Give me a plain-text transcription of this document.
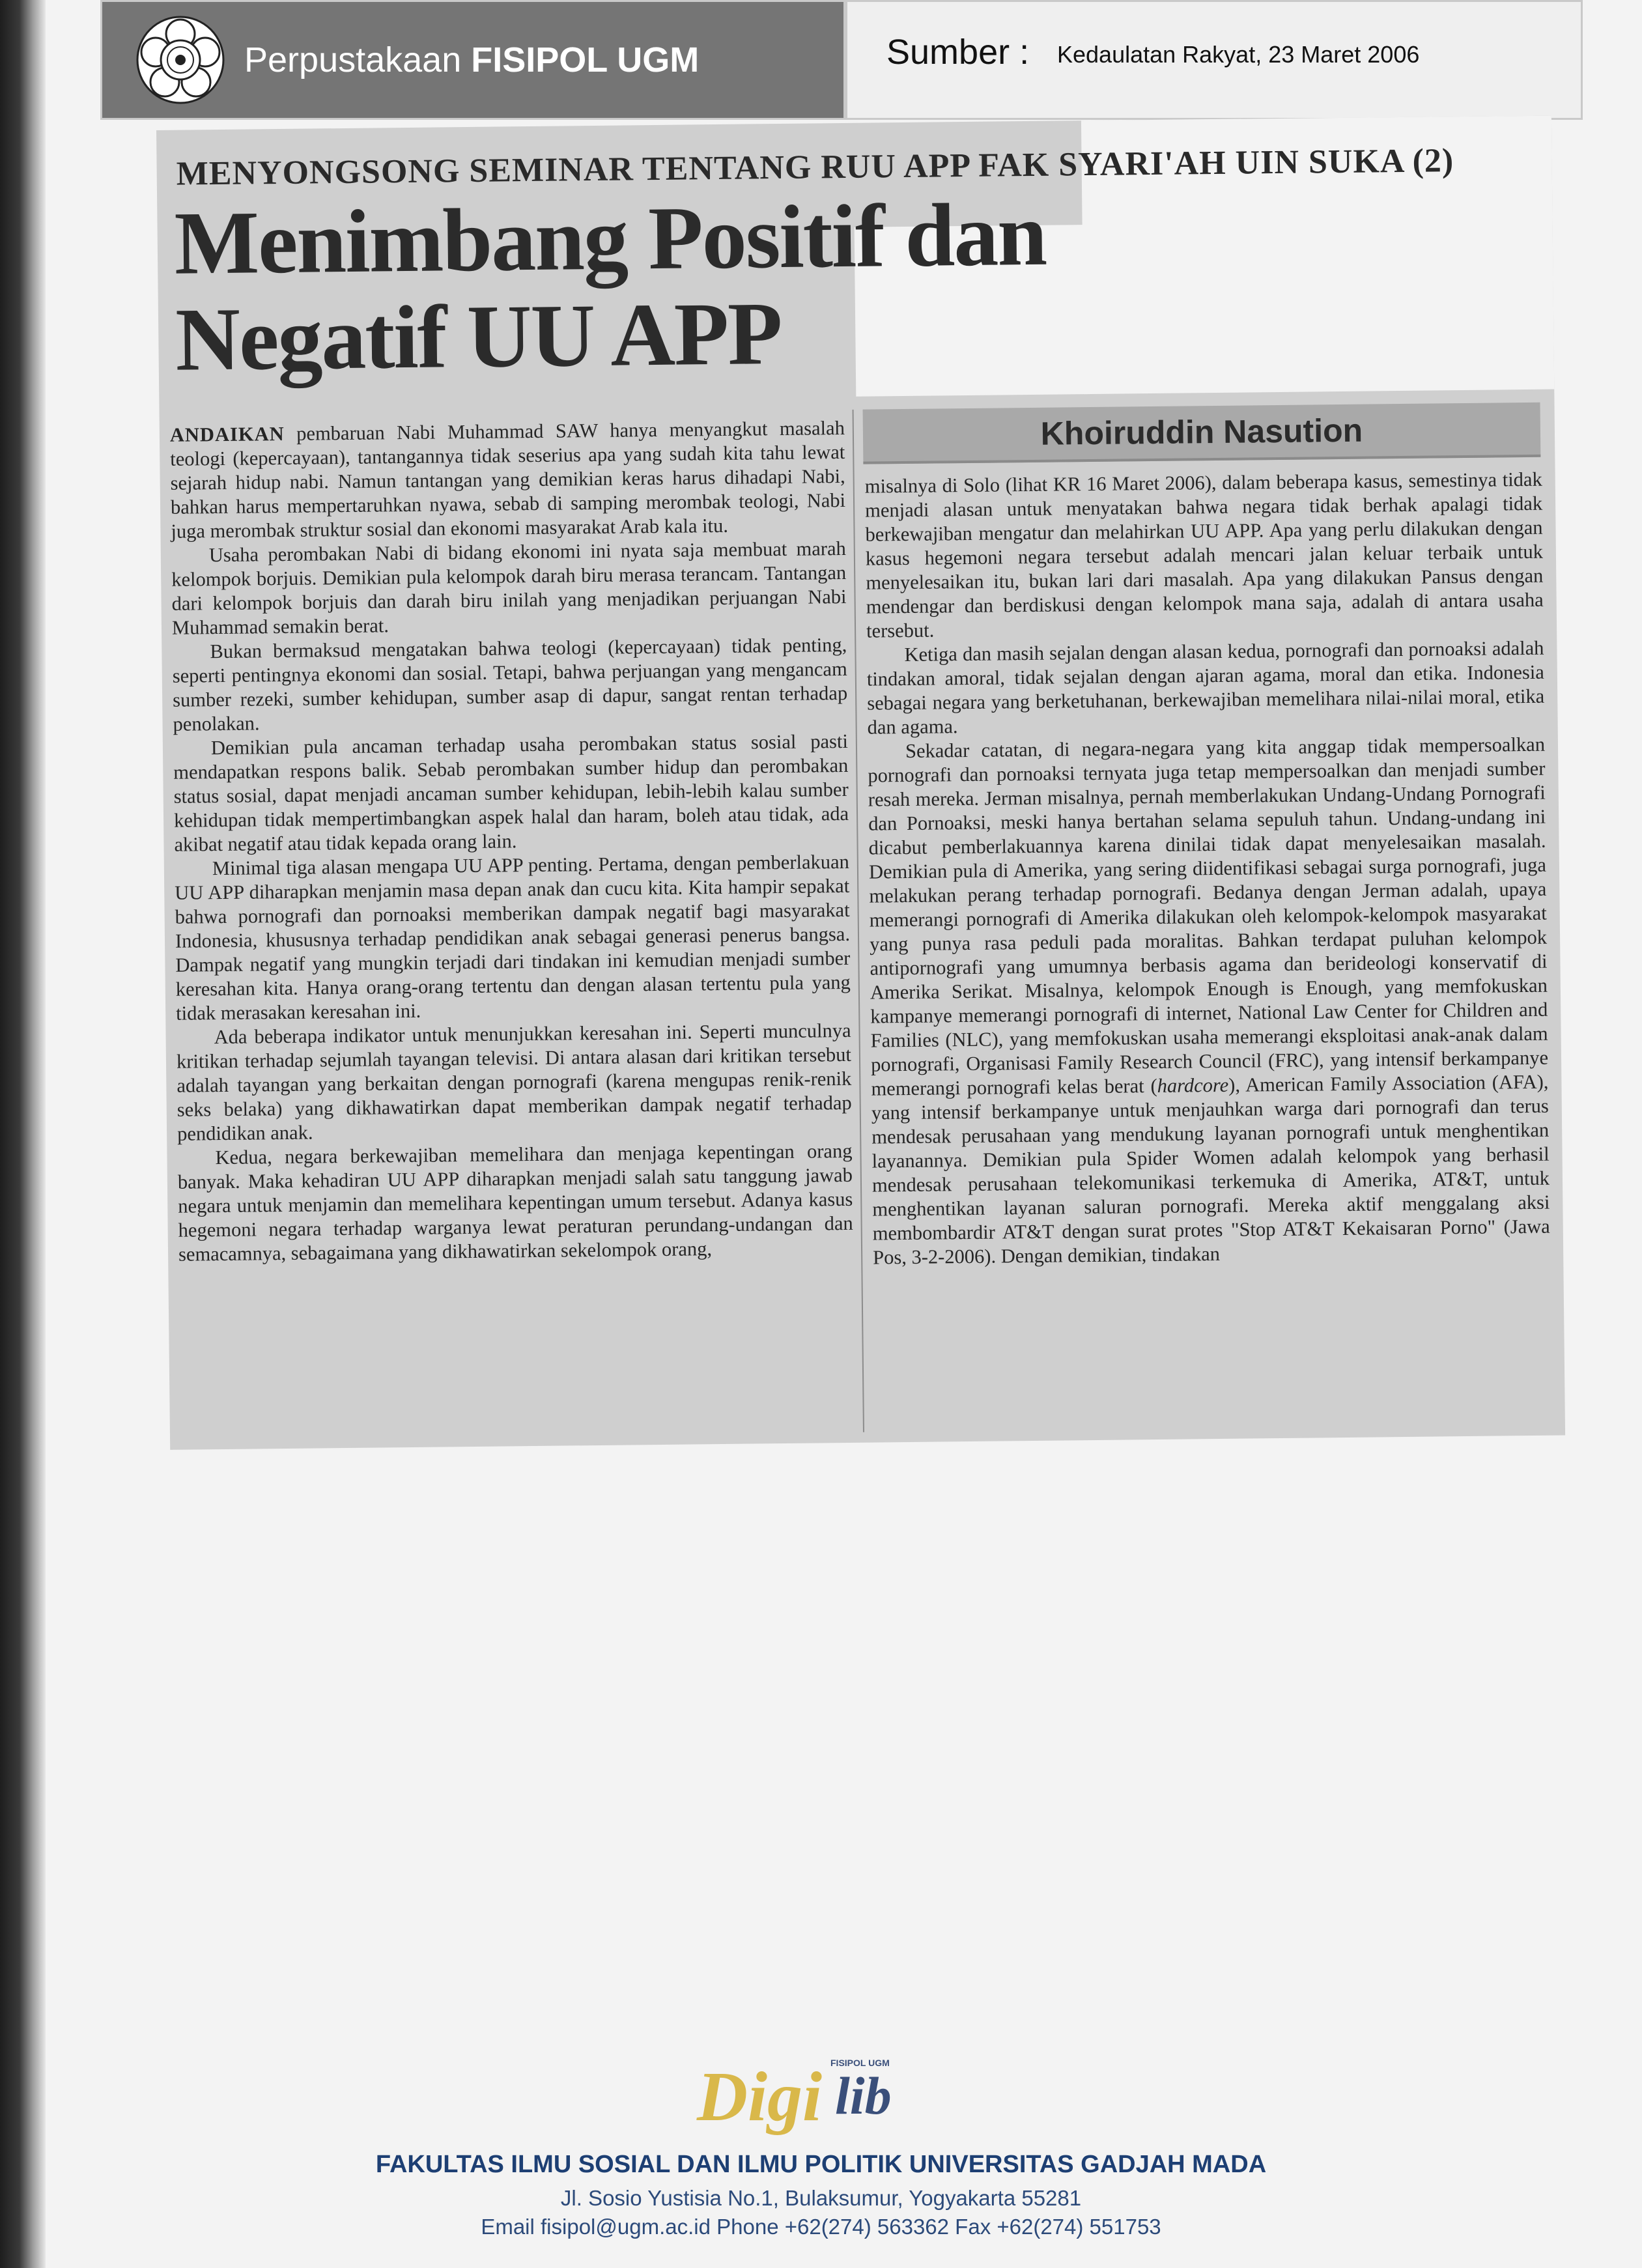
Perpustakaan FISIPOL UGM	Sumber : Kedaulatan Rakyat, 23 Maret 2006
MENYONGSONG SEMINAR TENTANG RUU APP FAK SYARI'AH UIN SUKA (2)
Menimbang Positif dan
Negatif UU APP
Khoiruddin Nasution

ANDAIKAN pembaruan Nabi Muhammad SAW hanya menyangkut masalah teologi (kepercayaan), tantangannya tidak seserius apa yang sudah kita tahu lewat sejarah hidup nabi. Namun tantangan yang demikian keras harus dihadapi Nabi, bahkan harus mempertaruhkan nyawa, sebab di samping merombak teologi, Nabi juga merombak struktur sosial dan ekonomi masyarakat Arab kala itu.

Usaha perombakan Nabi di bidang ekonomi ini nyata saja membuat marah kelompok borjuis. Demikian pula kelompok darah biru merasa terancam. Tantangan dari kelompok borjuis dan darah biru inilah yang menjadikan perjuangan Nabi Muhammad semakin berat.

Bukan bermaksud mengatakan bahwa teologi (kepercayaan) tidak penting, seperti pentingnya ekonomi dan sosial. Tetapi, bahwa perjuangan yang mengancam sumber rezeki, sumber kehidupan, sumber asap di dapur, sangat rentan terhadap penolakan.

Demikian pula ancaman terhadap usaha perombakan status sosial pasti mendapatkan respons balik. Sebab perombakan sumber hidup dan perombakan status sosial, dapat menjadi ancaman sumber kehidupan, lebih-lebih kalau sumber kehidupan tidak mempertimbangkan aspek halal dan haram, boleh atau tidak, ada akibat negatif atau tidak kepada orang lain.

Minimal tiga alasan mengapa UU APP penting. Pertama, dengan pemberlakuan UU APP diharapkan menjamin masa depan anak dan cucu kita. Kita hampir sepakat bahwa pornografi dan pornoaksi memberikan dampak negatif bagi masyarakat Indonesia, khususnya terhadap pendidikan anak sebagai generasi penerus bangsa. Dampak negatif yang mungkin terjadi dari tindakan ini kemudian menjadi sumber keresahan kita. Hanya orang-orang tertentu dan dengan alasan tertentu pula yang tidak merasakan keresahan ini.

Ada beberapa indikator untuk menunjukkan keresahan ini. Seperti munculnya kritikan terhadap sejumlah tayangan televisi. Di antara alasan dari kritikan tersebut adalah tayangan yang berkaitan dengan pornografi (karena mengupas renik-renik seks belaka) yang dikhawatirkan dapat memberikan dampak negatif terhadap pendidikan anak.

Kedua, negara berkewajiban memelihara dan menjaga kepentingan orang banyak. Maka kehadiran UU APP diharapkan menjadi salah satu tanggung jawab negara untuk menjamin dan memelihara kepentingan umum tersebut. Adanya kasus hegemoni negara terhadap warganya lewat peraturan perundang-undangan dan semacamnya, sebagaimana yang dikhawatirkan sekelompok orang,

misalnya di Solo (lihat KR 16 Maret 2006), dalam beberapa kasus, semestinya tidak menjadi alasan untuk menyatakan bahwa negara tidak berhak apalagi tidak berkewajiban mengatur dan melahirkan UU APP. Apa yang perlu dilakukan dengan kasus hegemoni negara tersebut adalah mencari jalan keluar terbaik untuk menyelesaikan itu, bukan lari dari masalah. Apa yang dilakukan Pansus dengan mendengar dan berdiskusi dengan kelompok mana saja, adalah di antara usaha tersebut.

Ketiga dan masih sejalan dengan alasan kedua, pornografi dan pornoaksi adalah tindakan amoral, tidak sejalan dengan ajaran agama, moral dan etika. Indonesia sebagai negara yang berketuhanan, berkewajiban memelihara nilai-nilai moral, etika dan agama.

Sekadar catatan, di negara-negara yang kita anggap tidak mempersoalkan pornografi dan pornoaksi ternyata juga tetap mempersoalkan dan menjadi sumber resah mereka. Jerman misalnya, pernah memberlakukan Undang-Undang Pornografi dan Pornoaksi, meski hanya bertahan selama sepuluh tahun. Undang-undang ini dicabut pemberlakuannya karena dinilai tidak dapat menyelesaikan masalah. Demikian pula di Amerika, yang sering diidentifikasi sebagai surga pornografi, juga melakukan perang terhadap pornografi. Bedanya dengan Jerman adalah, upaya memerangi pornografi di Amerika dilakukan oleh kelompok-kelompok masyarakat yang punya rasa peduli pada moralitas. Bahkan terdapat puluhan kelompok antipornografi yang umumnya berbasis agama dan berideologi konservatif di Amerika Serikat. Misalnya, kelompok Enough is Enough, yang memfokuskan kampanye memerangi pornografi di internet, National Law Center for Children and Families (NLC), yang memfokuskan usaha memerangi eksploitasi anak-anak dalam pornografi, Organisasi Family Research Council (FRC), yang intensif berkampanye memerangi pornografi kelas berat (hardcore), American Family Association (AFA), yang intensif berkampanye untuk menjauhkan warga dari pornografi dan terus mendesak perusahaan yang mendukung layanan pornografi untuk menghentikan layanannya. Demikian pula Spider Women adalah kelompok yang berhasil mendesak perusahaan telekomunikasi terkemuka di Amerika, AT&T, untuk menghentikan layanan saluran pornografi. Mereka aktif menggalang aksi membombardir AT&T dengan surat protes "Stop AT&T Kekaisaran Porno" (Jawa Pos, 3-2-2006). Dengan demikian, tindakan

FISIPOL UGM
Digi lib
FAKULTAS ILMU SOSIAL DAN ILMU POLITIK UNIVERSITAS GADJAH MADA
Jl. Sosio Yustisia No.1, Bulaksumur, Yogyakarta 55281
Email fisipol@ugm.ac.id Phone +62(274) 563362 Fax +62(274) 551753
